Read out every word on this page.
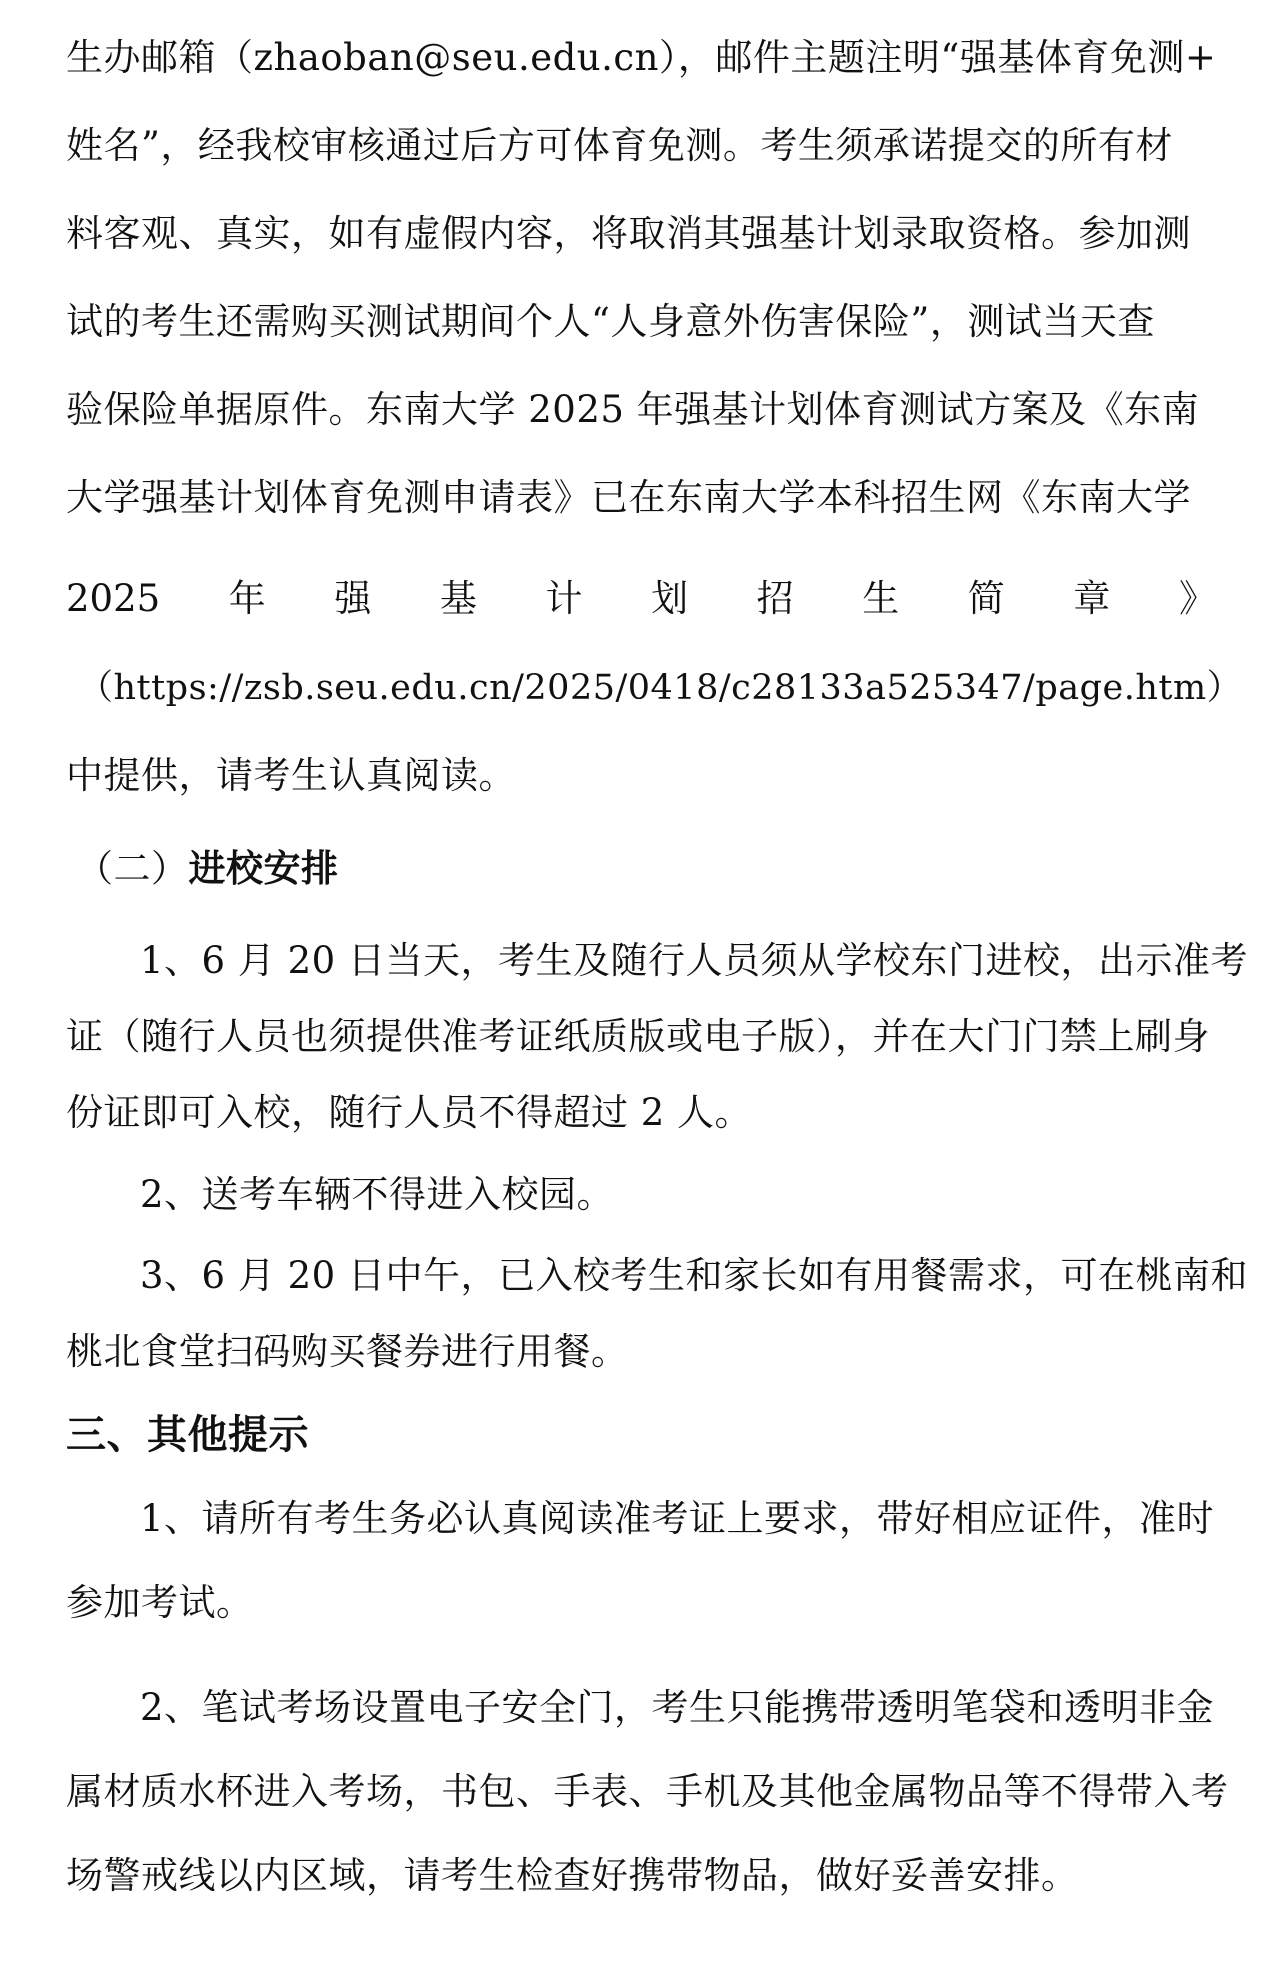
生办邮箱（zhaoban@seu.edu.cn），邮件主题注明“强基体育免测+
姓名”，经我校审核通过后方可体育免测。考生须承诺提交的所有材
料客观、真实，如有虚假内容，将取消其强基计划录取资格。参加测
试的考生还需购买测试期间个人“人身意外伤害保险”，测试当天查
验保险单据原件。东南大学 2025 年强基计划体育测试方案及《东南
大学强基计划体育免测申请表》已在东南大学本科招生网《东南大学
2025 年 强 基 计 划 招 生 简 章 》
（https://zsb.seu.edu.cn/2025/0418/c28133a525347/page.htm）
中提供，请考生认真阅读。
（二）进校安排
1、6 月 20 日当天，考生及随行人员须从学校东门进校，出示准考
证（随行人员也须提供准考证纸质版或电子版），并在大门门禁上刷身
份证即可入校，随行人员不得超过 2 人。
2、送考车辆不得进入校园。
3、6 月 20 日中午，已入校考生和家长如有用餐需求，可在桃南和
桃北食堂扫码购买餐券进行用餐。
三、其他提示
1、请所有考生务必认真阅读准考证上要求，带好相应证件，准时
参加考试。
2、笔试考场设置电子安全门，考生只能携带透明笔袋和透明非金
属材质水杯进入考场，书包、手表、手机及其他金属物品等不得带入考
场警戒线以内区域，请考生检查好携带物品，做好妥善安排。
